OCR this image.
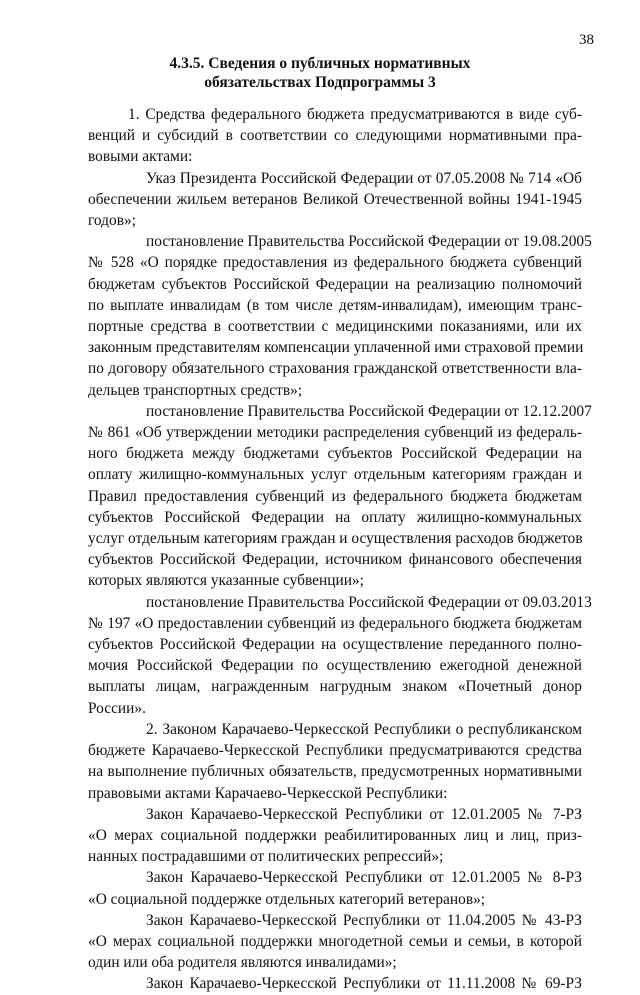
38
4.3.5. Сведения о публичных нормативных
обязательствах Подпрограммы 3
1. Средства федерального бюджета предусматриваются в виде суб-
венций и субсидий в соответствии со следующими нормативными пра-
вовыми актами:
Указ Президента Российской Федерации от 07.05.2008 № 714 «Об
обеспечении жильем ветеранов Великой Отечественной войны 1941-1945
годов»;
постановление Правительства Российской Федерации от 19.08.2005
№ 528 «О порядке предоставления из федерального бюджета субвенций
бюджетам субъектов Российской Федерации на реализацию полномочий
по выплате инвалидам (в том числе детям-инвалидам), имеющим транс-
портные средства в соответствии с медицинскими показаниями, или их
законным представителям компенсации уплаченной ими страховой премии
по договору обязательного страхования гражданской ответственности вла-
дельцев транспортных средств»;
постановление Правительства Российской Федерации от 12.12.2007
№ 861 «Об утверждении методики распределения субвенций из федераль-
ного бюджета между бюджетами субъектов Российской Федерации на
оплату жилищно-коммунальных услуг отдельным категориям граждан и
Правил предоставления субвенций из федерального бюджета бюджетам
субъектов Российской Федерации на оплату жилищно-коммунальных
услуг отдельным категориям граждан и осуществления расходов бюджетов
субъектов Российской Федерации, источником финансового обеспечения
которых являются указанные субвенции»;
постановление Правительства Российской Федерации от 09.03.2013
№ 197 «О предоставлении субвенций из федерального бюджета бюджетам
субъектов Российской Федерации на осуществление переданного полно-
мочия Российской Федерации по осуществлению ежегодной денежной
выплаты лицам, награжденным нагрудным знаком «Почетный донор
России».
2. Законом Карачаево-Черкесской Республики о республиканском
бюджете Карачаево-Черкесской Республики предусматриваются средства
на выполнение публичных обязательств, предусмотренных нормативными
правовыми актами Карачаево-Черкесской Республики:
Закон Карачаево-Черкесской Республики от 12.01.2005 № 7-РЗ
«О мерах социальной поддержки реабилитированных лиц и лиц, приз-
нанных пострадавшими от политических репрессий»;
Закон Карачаево-Черкесской Республики от 12.01.2005 № 8-РЗ
«О социальной поддержке отдельных категорий ветеранов»;
Закон Карачаево-Черкесской Республики от 11.04.2005 № 43-РЗ
«О мерах социальной поддержки многодетной семьи и семьи, в которой
один или оба родителя являются инвалидами»;
Закон Карачаево-Черкесской Республики от 11.11.2008 № 69-РЗ
